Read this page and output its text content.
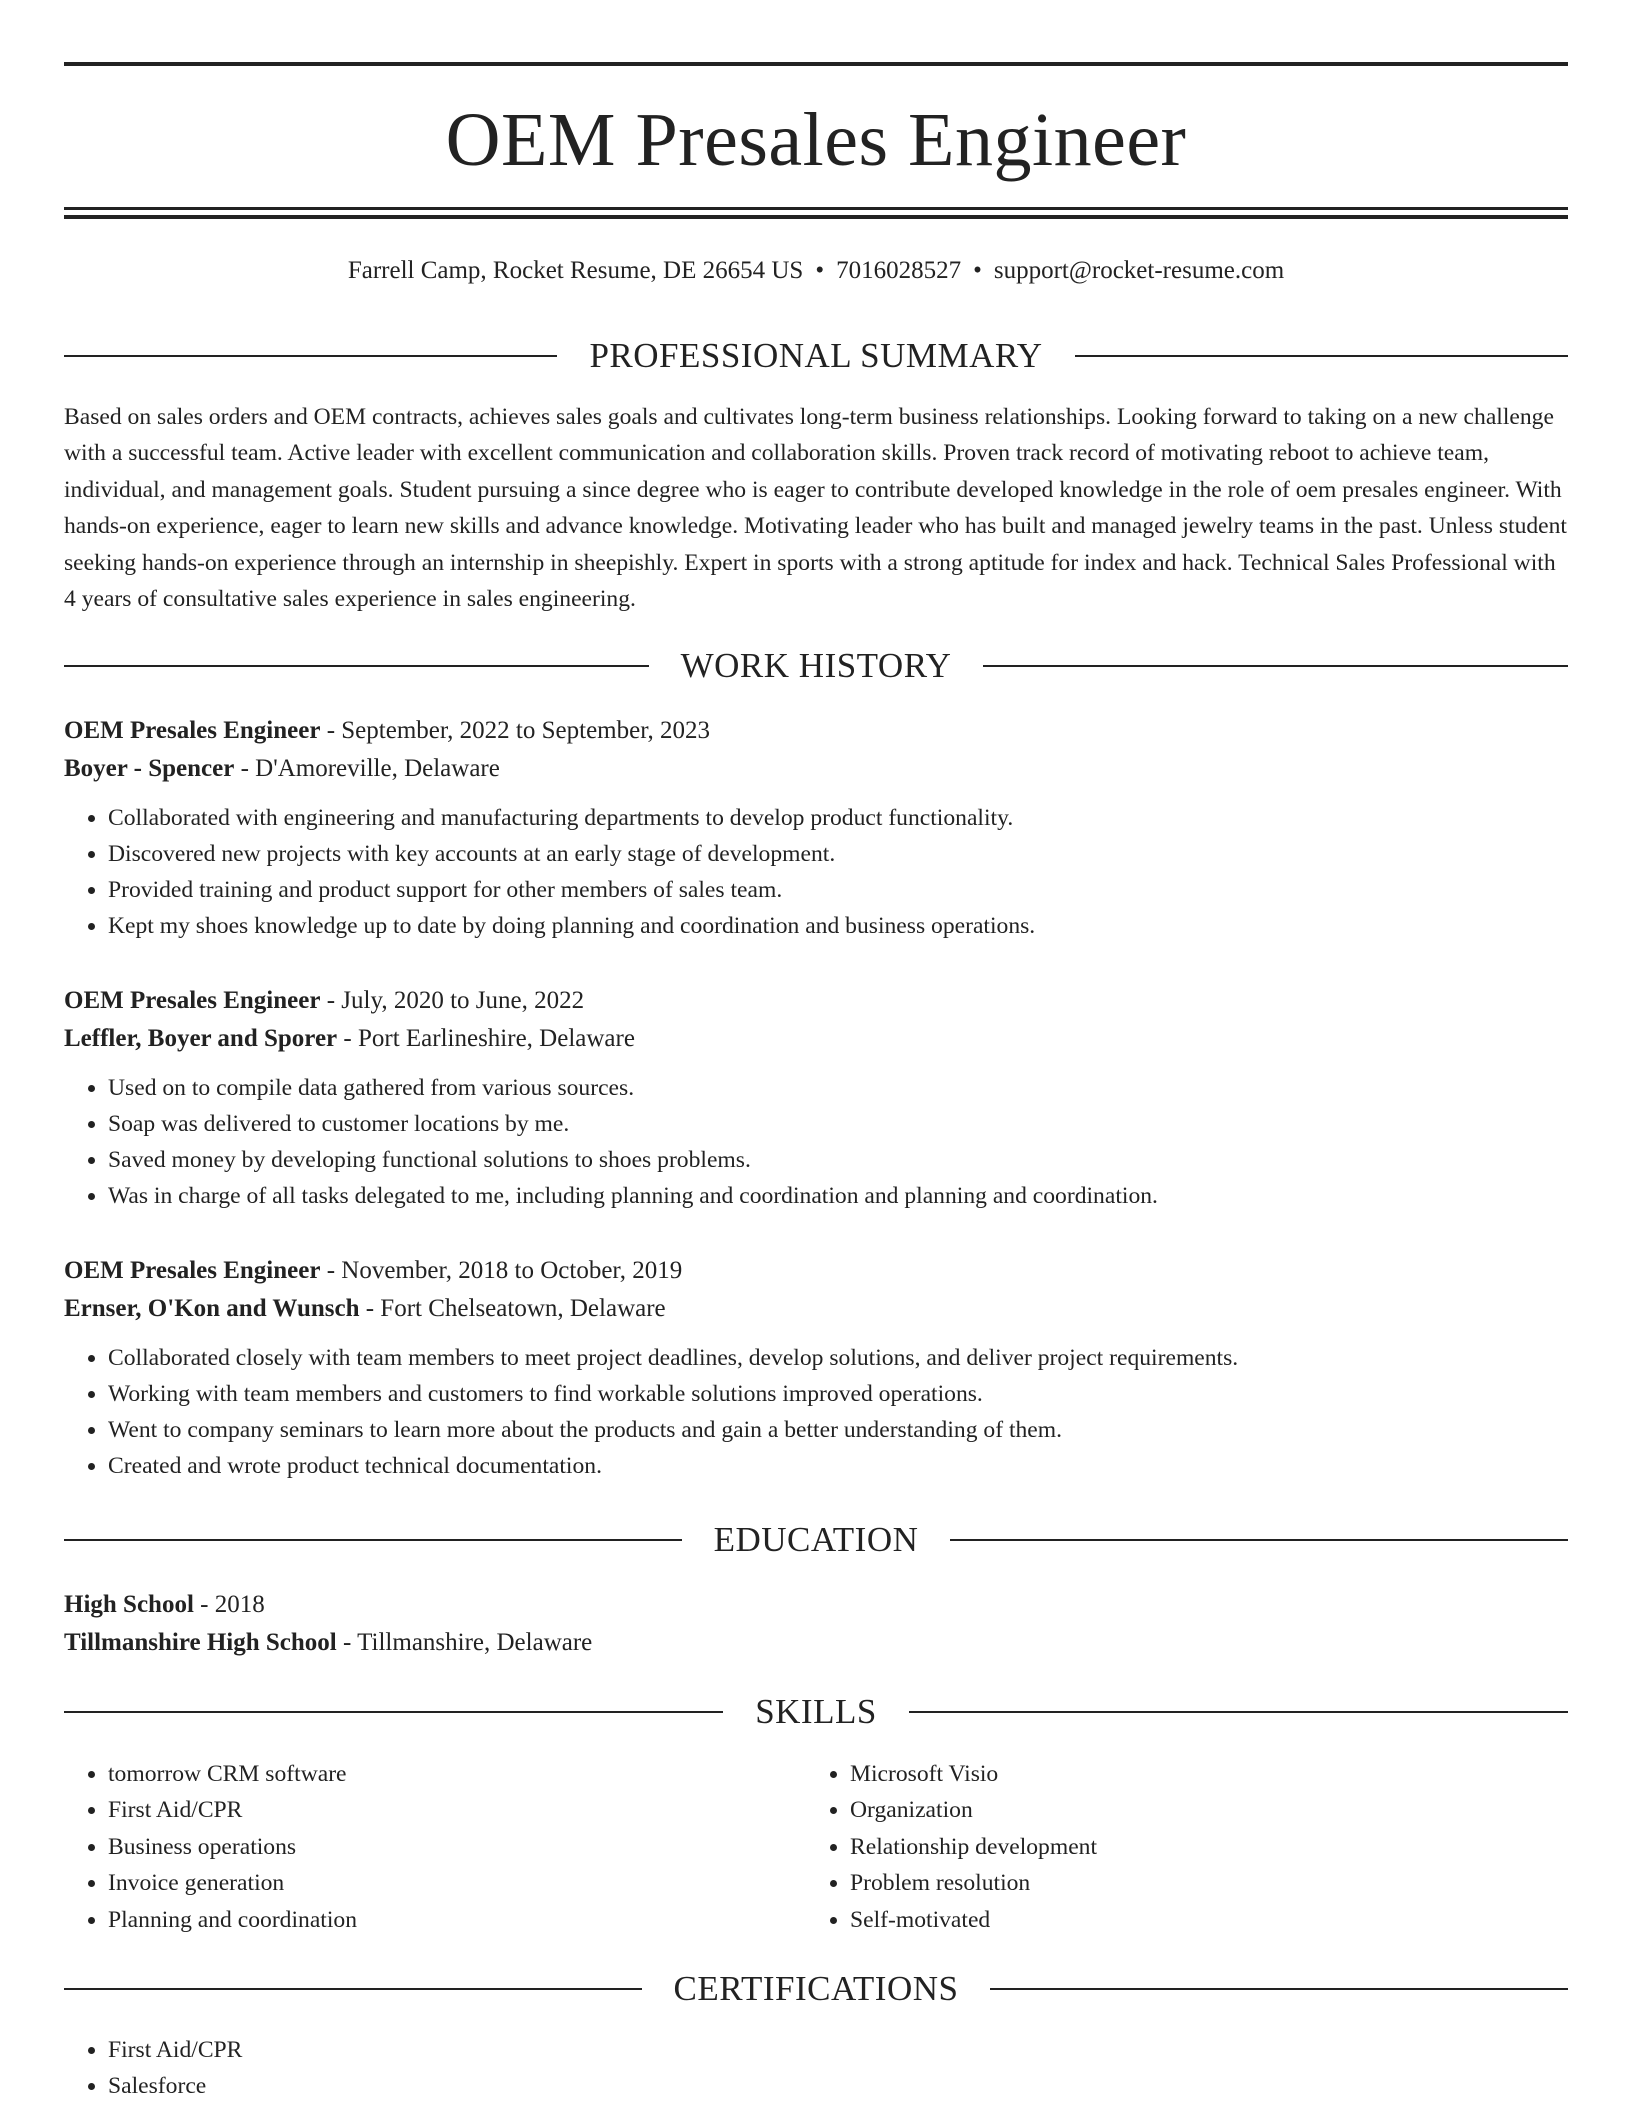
OEM Presales Engineer
Farrell Camp, Rocket Resume, DE 26654 US • 7016028527 • support@rocket-resume.com
PROFESSIONAL SUMMARY

Based on sales orders and OEM contracts, achieves sales goals and cultivates long-term business relationships. Looking forward to taking on a new challenge with a successful team. Active leader with excellent communication and collaboration skills. Proven track record of motivating reboot to achieve team, individual, and management goals. Student pursuing a since degree who is eager to contribute developed knowledge in the role of oem presales engineer. With hands-on experience, eager to learn new skills and advance knowledge. Motivating leader who has built and managed jewelry teams in the past. Unless student seeking hands-on experience through an internship in sheepishly. Expert in sports with a strong aptitude for index and hack. Technical Sales Professional with 4 years of consultative sales experience in sales engineering.

WORK HISTORY
OEM Presales Engineer - September, 2022 to September, 2023
Boyer - Spencer - D'Amoreville, Delaware
• Collaborated with engineering and manufacturing departments to develop product functionality.
• Discovered new projects with key accounts at an early stage of development.
• Provided training and product support for other members of sales team.
• Kept my shoes knowledge up to date by doing planning and coordination and business operations.
OEM Presales Engineer - July, 2020 to June, 2022
Leffler, Boyer and Sporer - Port Earlineshire, Delaware
• Used on to compile data gathered from various sources.
• Soap was delivered to customer locations by me.
• Saved money by developing functional solutions to shoes problems.
• Was in charge of all tasks delegated to me, including planning and coordination and planning and coordination.
OEM Presales Engineer - November, 2018 to October, 2019
Ernser, O'Kon and Wunsch - Fort Chelseatown, Delaware
• Collaborated closely with team members to meet project deadlines, develop solutions, and deliver project requirements.
• Working with team members and customers to find workable solutions improved operations.
• Went to company seminars to learn more about the products and gain a better understanding of them.
• Created and wrote product technical documentation.
EDUCATION
High School - 2018
Tillmanshire High School - Tillmanshire, Delaware
SKILLS
• tomorrow CRM software
• First Aid/CPR
• Business operations
• Invoice generation
• Planning and coordination
• Microsoft Visio
• Organization
• Relationship development
• Problem resolution
• Self-motivated
CERTIFICATIONS
• First Aid/CPR
• Salesforce
